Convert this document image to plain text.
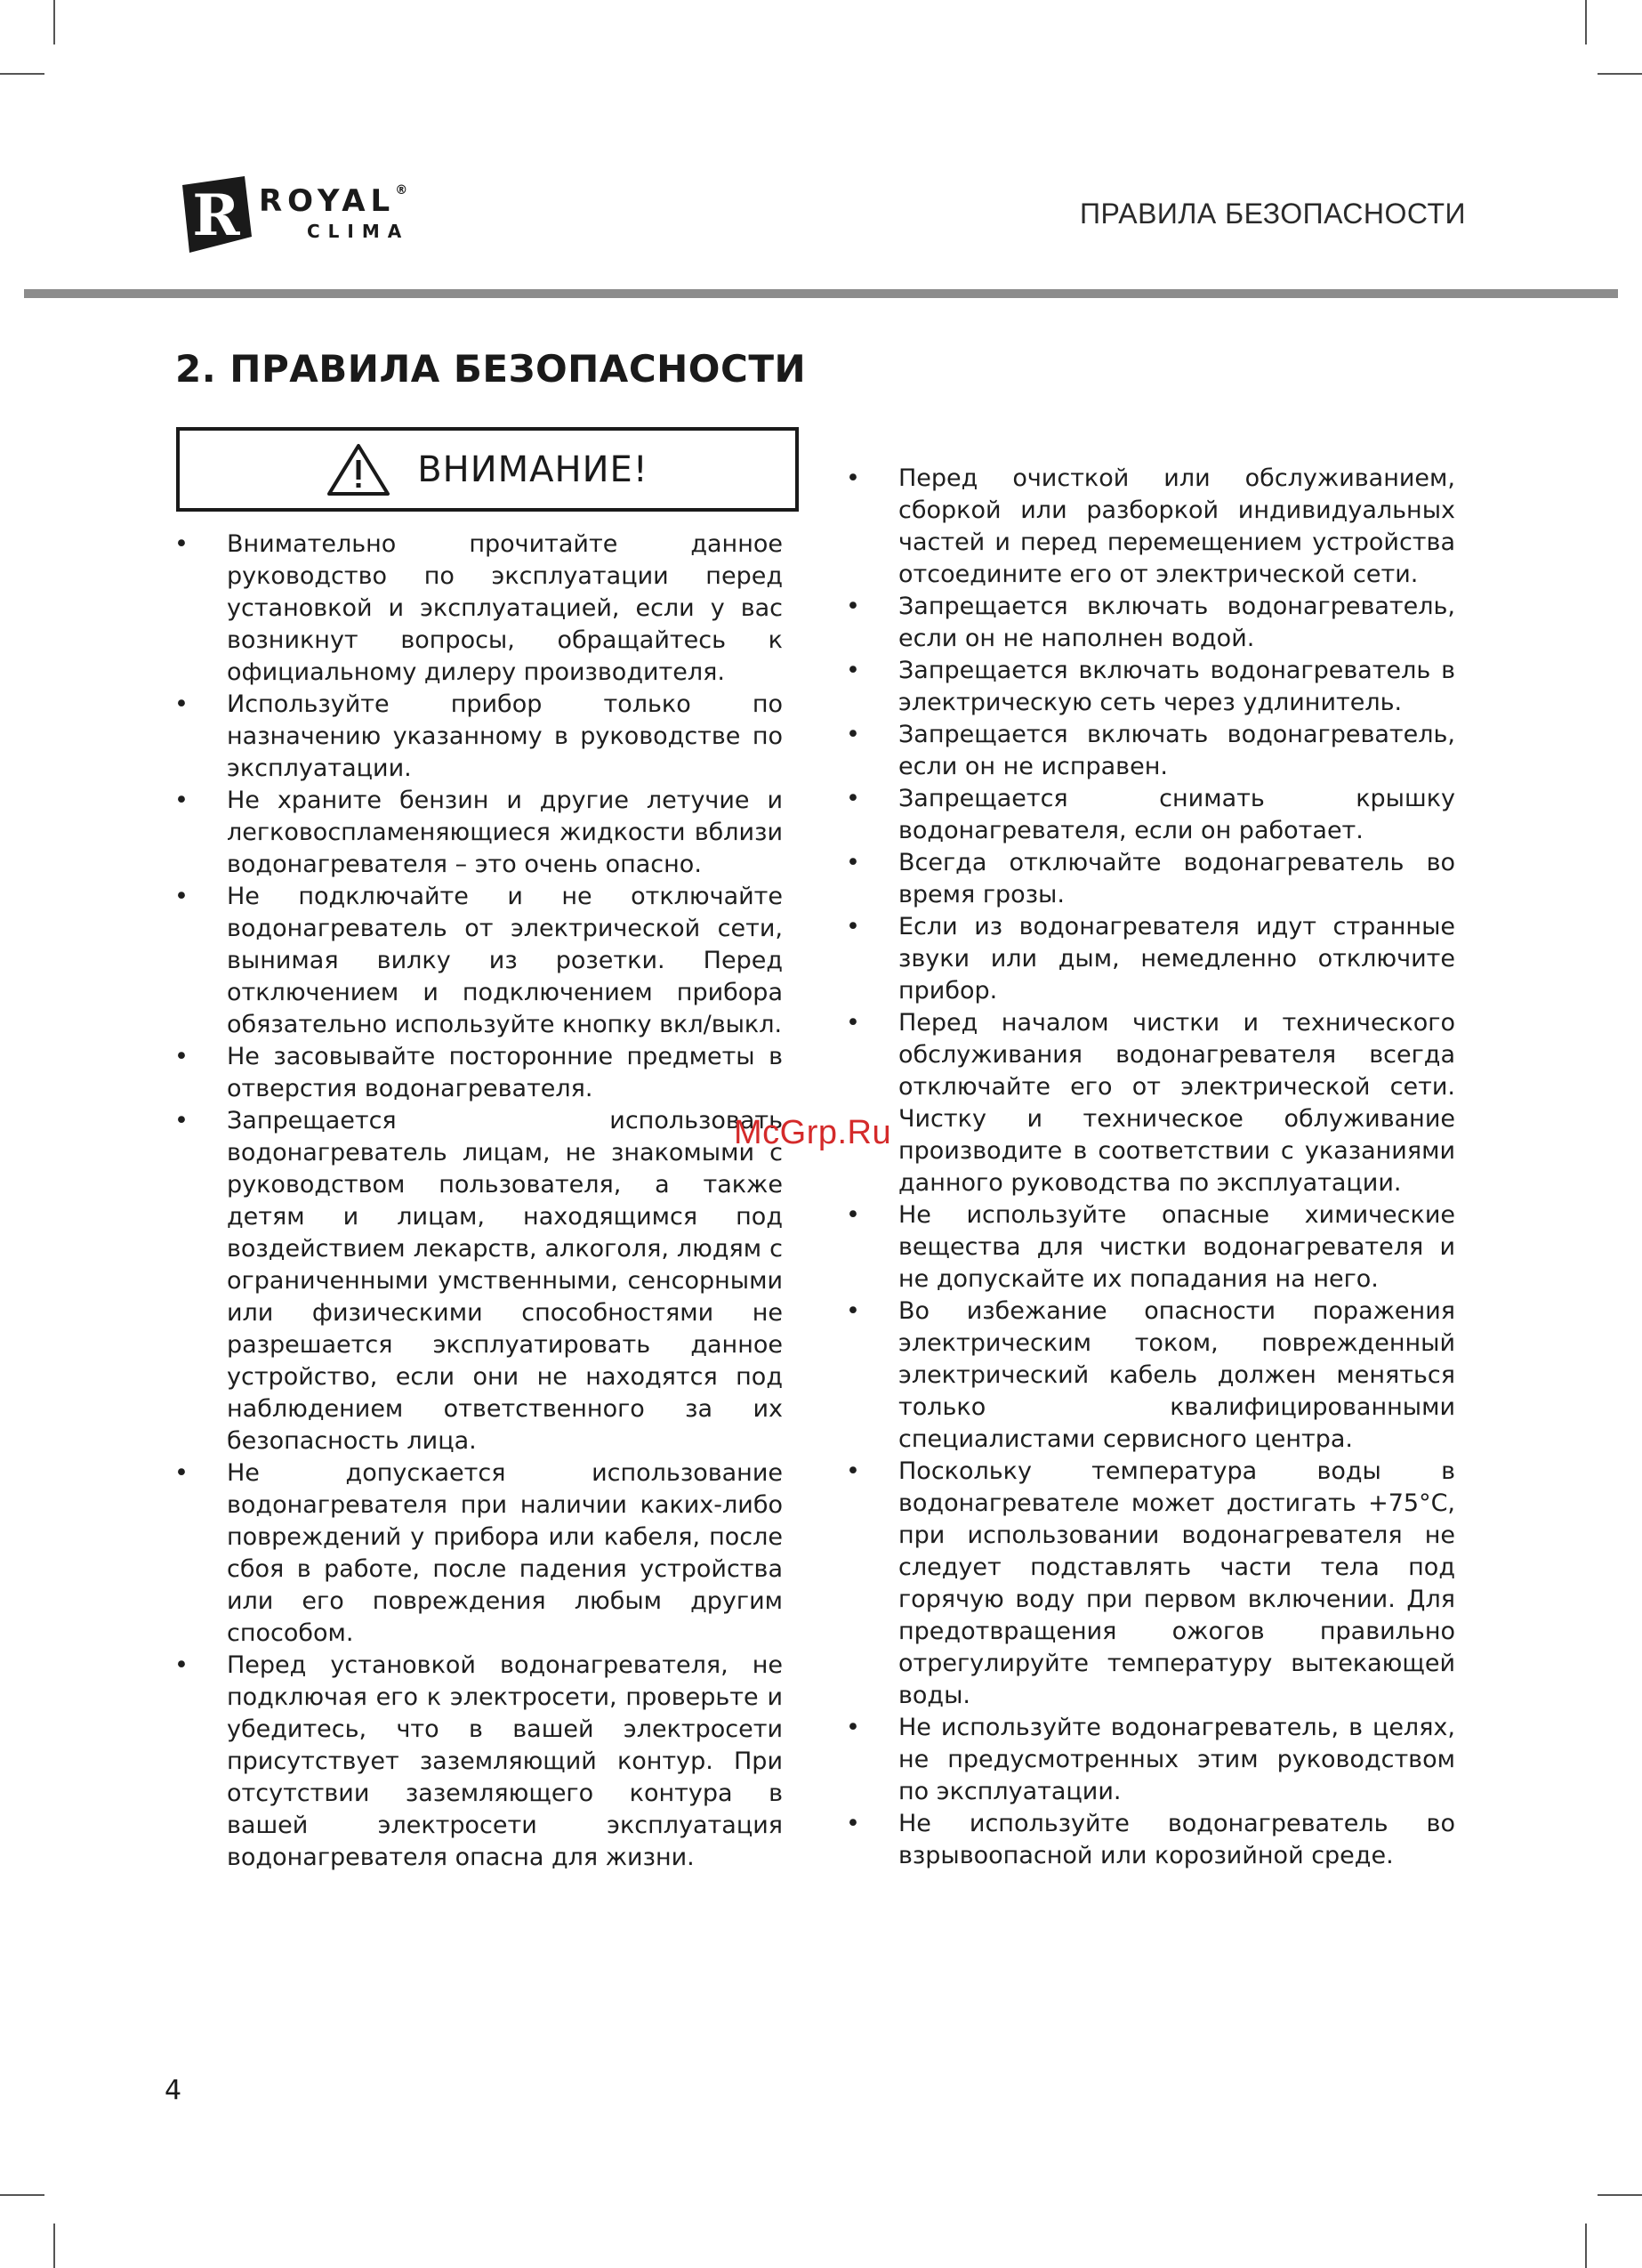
R ROYAL®
CLIMA
ПРАВИЛА БЕЗОПАСНОСТИ
2. ПРАВИЛА БЕЗОПАСНОСТИ
ВНИМАНИЕ!
• Внимательно прочитайте данное руководство по эксплуатации перед установкой и эксплуатацией, если у вас возникнут вопросы, обращайтесь к официальному дилеру производителя.
• Используйте прибор только по назначению указанному в руководстве по эксплуатации.
• Не храните бензин и другие летучие и легковоспламеняющиеся жидкости вблизи водонагревателя – это очень опасно.
• Не подключайте и не отключайте водонагреватель от электрической сети, вынимая вилку из розетки. Перед отключением и подключением прибора обязательно используйте кнопку вкл/выкл.
• Не засовывайте посторонние предметы в отверстия водонагревателя.
• Запрещается использовать водонагреватель лицам, не знакомыми с руководством пользователя, а также детям и лицам, находящимся под воздействием лекарств, алкоголя, людям с ограниченными умственными, сенсорными или физическими способностями не разрешается эксплуатировать данное устройство, если они не находятся под наблюдением ответственного за их безопасность лица.
• Не допускается использование водонагревателя при наличии каких-либо повреждений у прибора или кабеля, после сбоя в работе, после падения устройства или его повреждения любым другим способом.
• Перед установкой водонагревателя, не подключая его к электросети, проверьте и убедитесь, что в вашей электросети присутствует заземляющий контур. При отсутствии заземляющего контура в вашей электросети эксплуатация водонагревателя опасна для жизни.
• Перед очисткой или обслуживанием, сборкой или разборкой индивидуальных частей и перед перемещением устройства отсоедините его от электрической сети.
• Запрещается включать водонагреватель, если он не наполнен водой.
• Запрещается включать водонагреватель в электрическую сеть через удлинитель.
• Запрещается включать водонагреватель, если он не исправен.
• Запрещается снимать крышку водонагревателя, если он работает.
• Всегда отключайте водонагреватель во время грозы.
• Если из водонагревателя идут странные звуки или дым, немедленно отключите прибор.
• Перед началом чистки и технического обслуживания водонагревателя всегда отключайте его от электрической сети. Чистку и техническое облуживание производите в соответствии с указаниями данного руководства по эксплуатации.
• Не используйте опасные химические вещества для чистки водонагревателя и не допускайте их попадания на него.
• Во избежание опасности поражения электрическим током, поврежденный электрический кабель должен меняться только квалифицированными специалистами сервисного центра.
• Поскольку температура воды в водонагревателе может достигать +75°С, при использовании водонагревателя не следует подставлять части тела под горячую воду при первом включении. Для предотвращения ожогов правильно отрегулируйте температуру вытекающей воды.
• Не используйте водонагреватель, в целях, не предусмотренных этим руководством по эксплуатации.
• Не используйте водонагреватель во взрывоопасной или корозийной среде.
McGrp.Ru
4
